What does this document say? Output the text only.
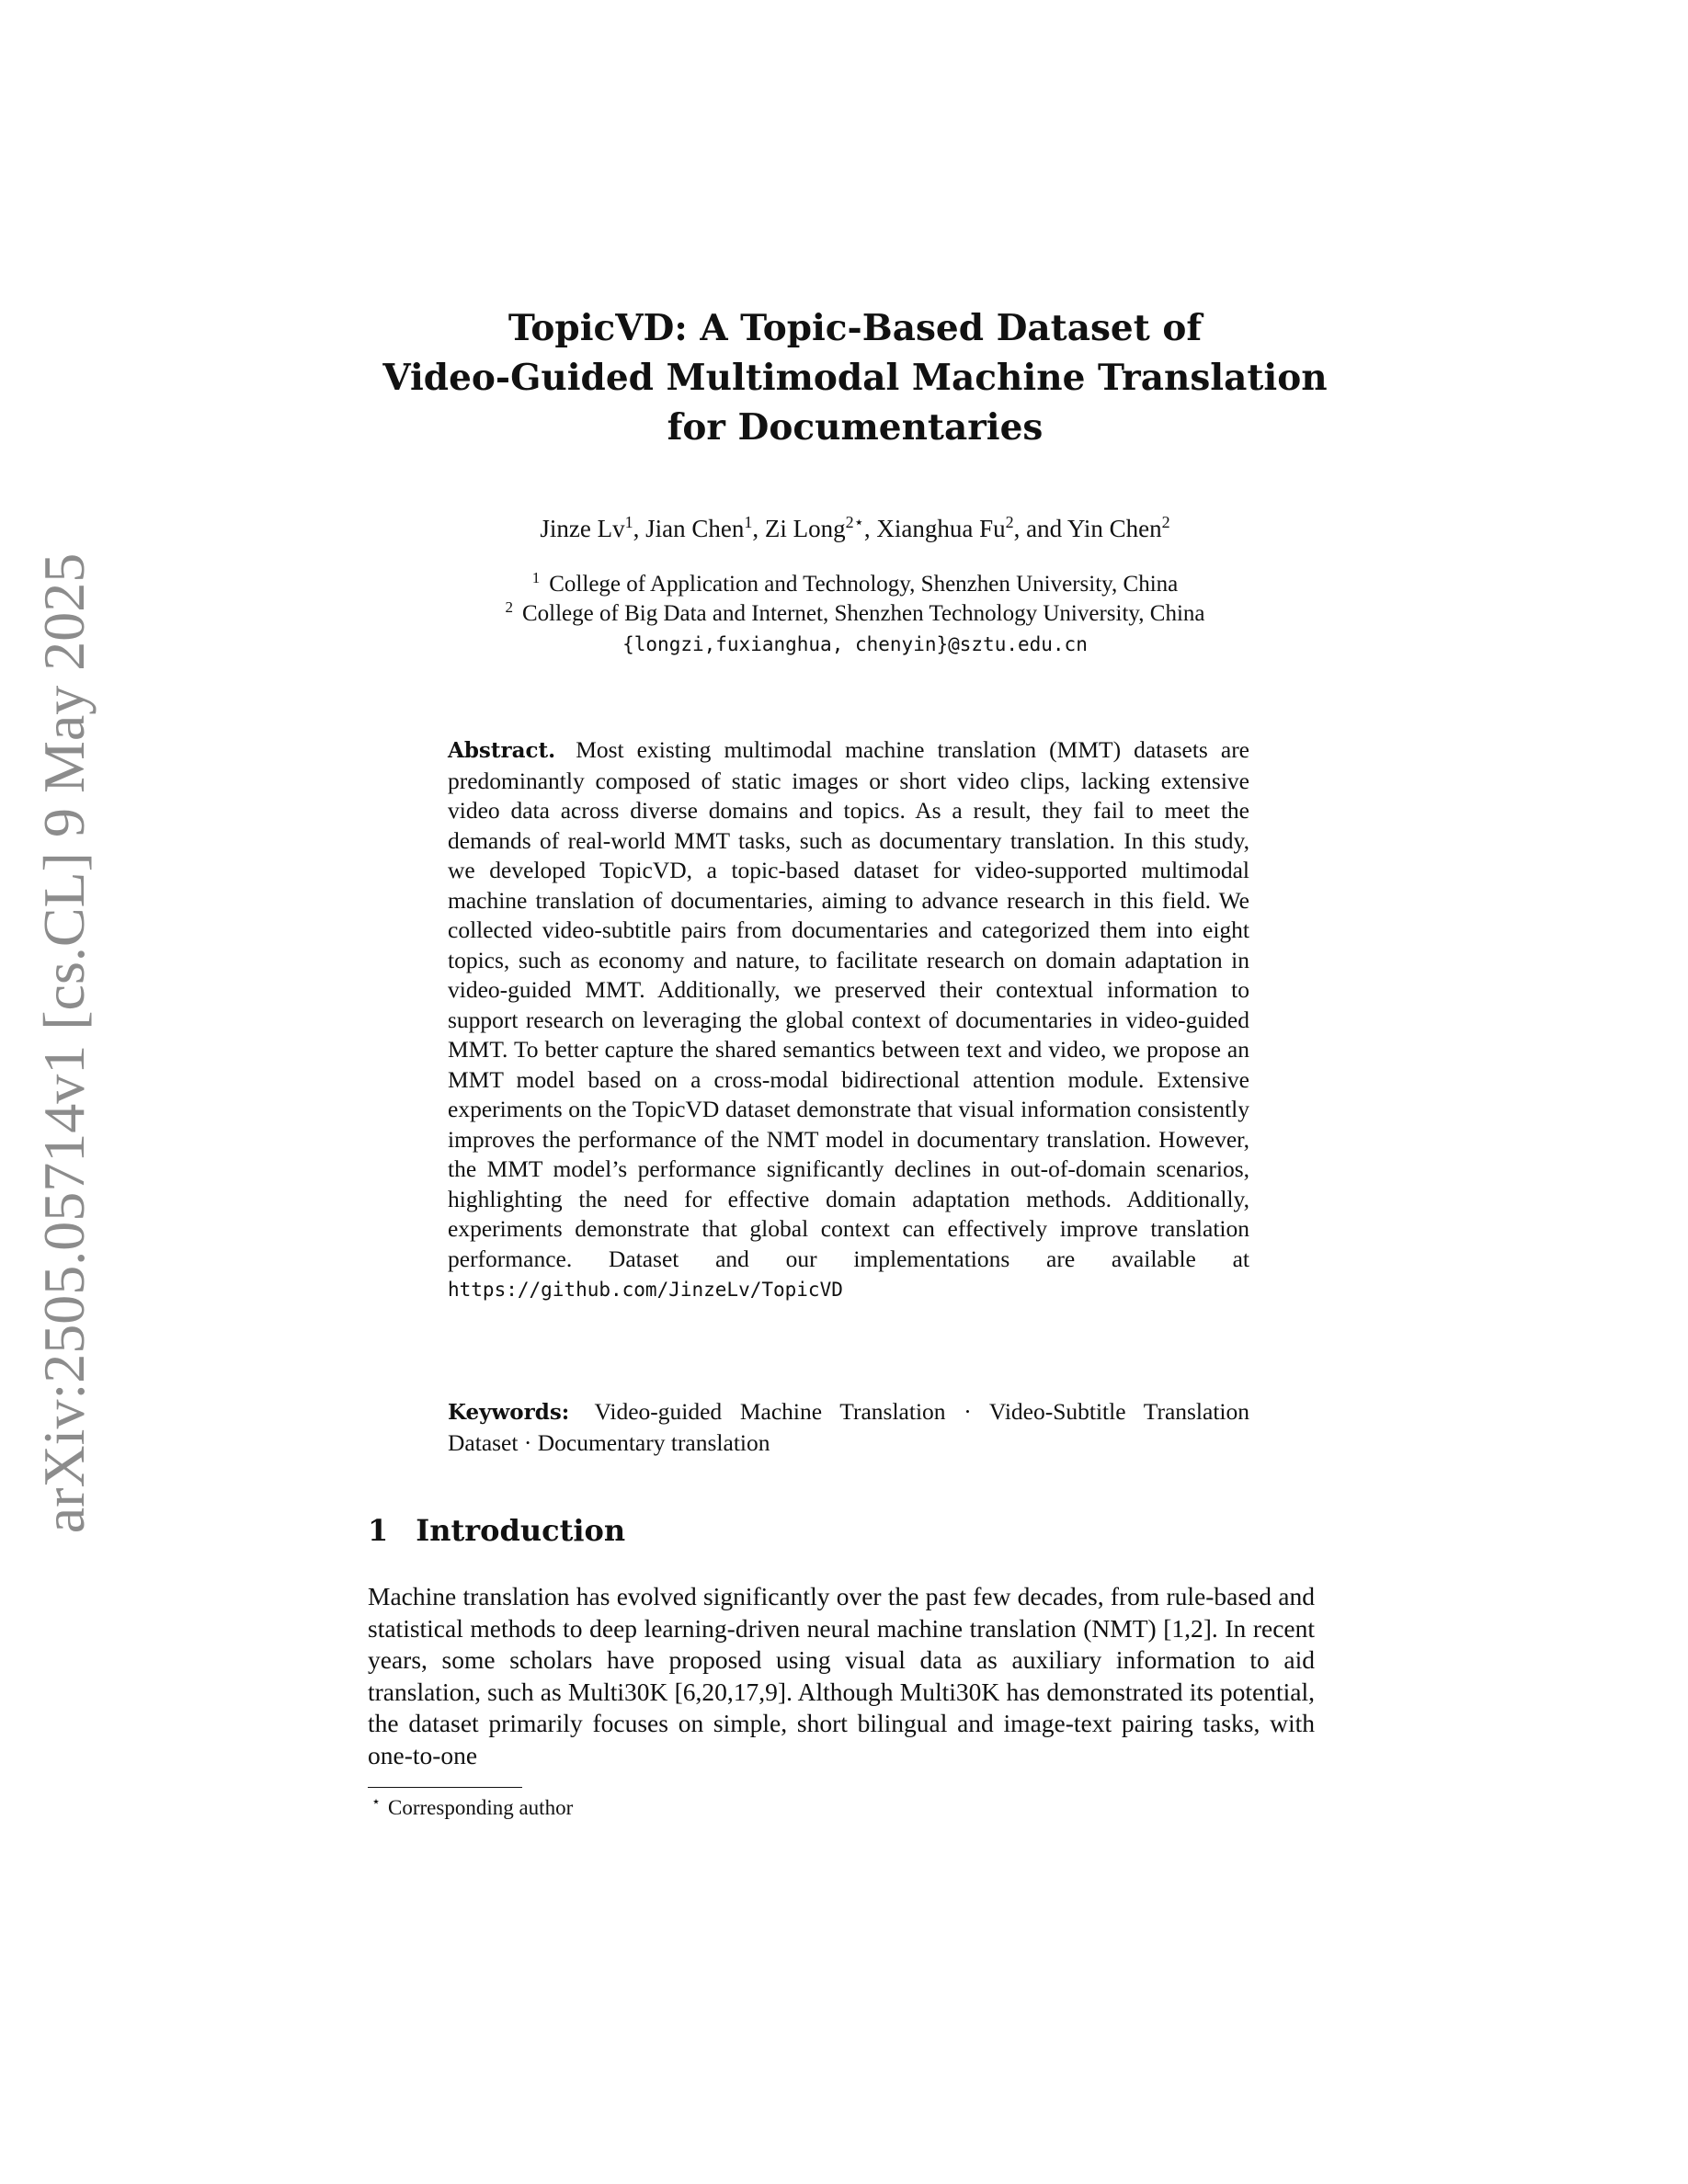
arXiv:2505.05714v1 [cs.CL] 9 May 2025
TopicVD: A Topic-Based Dataset of
Video-Guided Multimodal Machine Translation
for Documentaries
Jinze Lv$^1$, Jian Chen$^1$, Zi Long$^{2⋆}$, Xianghua Fu$^2$, and Yin Chen$^2$
$^1$ College of Application and Technology, Shenzhen University, China
$^2$ College of Big Data and Internet, Shenzhen Technology University, China
{longzi,fuxianghua, chenyin}@sztu.edu.cn
Abstract. Most existing multimodal machine translation (MMT) datasets are predominantly composed of static images or short video clips, lacking extensive video data across diverse domains and topics. As a result, they fail to meet the demands of real-world MMT tasks, such as documentary translation. In this study, we developed TopicVD, a topic-based dataset for video-supported multimodal machine translation of documentaries, aiming to advance research in this field. We collected video-subtitle pairs from documentaries and categorized them into eight topics, such as economy and nature, to facilitate research on domain adaptation in video-guided MMT. Additionally, we preserved their contextual information to support research on leveraging the global context of documentaries in video-guided MMT. To better capture the shared semantics between text and video, we propose an MMT model based on a cross-modal bidirectional attention module. Extensive experiments on the TopicVD dataset demonstrate that visual information consistently improves the performance of the NMT model in documentary translation. However, the MMT model’s performance significantly declines in out-of-domain scenarios, highlighting the need for effective domain adaptation methods. Additionally, experiments demonstrate that global context can effectively improve translation performance. Dataset and our implementations are available at https://github.com/JinzeLv/TopicVD
Keywords: Video-guided Machine Translation · Video-Subtitle Translation Dataset · Documentary translation
1 Introduction
Machine translation has evolved significantly over the past few decades, from rule-based and statistical methods to deep learning-driven neural machine translation (NMT) [1,2]. In recent years, some scholars have proposed using visual data as auxiliary information to aid translation, such as Multi30K [6,20,17,9]. Although Multi30K has demonstrated its potential, the dataset primarily focuses on simple, short bilingual and image-text pairing tasks, with one-to-one
⋆ Corresponding author
